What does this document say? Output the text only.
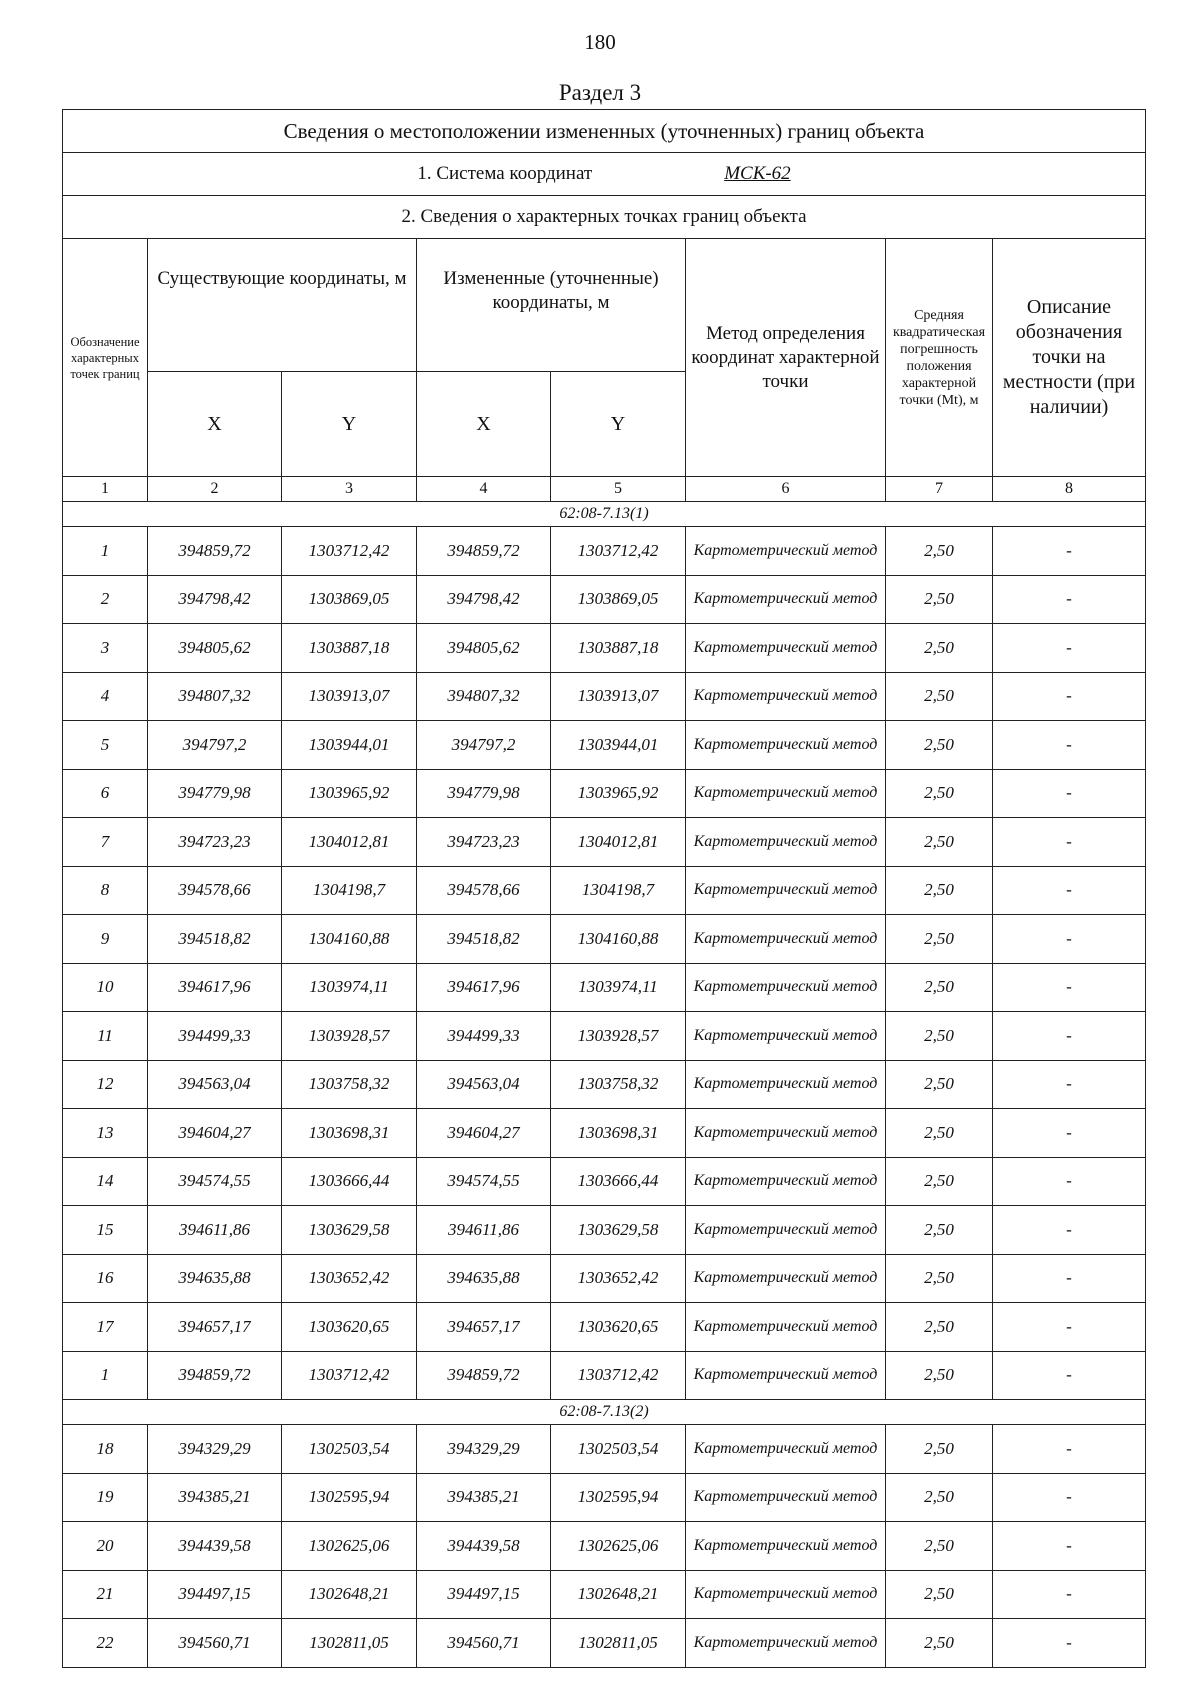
180
Раздел 3
Сведения о местоположении измененных (уточненных) границ объекта							
1. Система координат МСК-62							
2. Сведения о характерных точках границ объекта							
Обозначение характерных точек границ	Существующие координаты, м		Измененные (уточненные) координаты, м		Метод определения координат характерной точки	Средняя квадратическая погрешность положения характерной точки (Mt), м	Описание обозначения точки на местности (при наличии)
	X	Y	X	Y			
1	2	3	4	5	6	7	8
62:08-7.13(1)							
1	394859,72	1303712,42	394859,72	1303712,42	Картометрический метод	2,50	-
2	394798,42	1303869,05	394798,42	1303869,05	Картометрический метод	2,50	-
3	394805,62	1303887,18	394805,62	1303887,18	Картометрический метод	2,50	-
4	394807,32	1303913,07	394807,32	1303913,07	Картометрический метод	2,50	-
5	394797,2	1303944,01	394797,2	1303944,01	Картометрический метод	2,50	-
6	394779,98	1303965,92	394779,98	1303965,92	Картометрический метод	2,50	-
7	394723,23	1304012,81	394723,23	1304012,81	Картометрический метод	2,50	-
8	394578,66	1304198,7	394578,66	1304198,7	Картометрический метод	2,50	-
9	394518,82	1304160,88	394518,82	1304160,88	Картометрический метод	2,50	-
10	394617,96	1303974,11	394617,96	1303974,11	Картометрический метод	2,50	-
11	394499,33	1303928,57	394499,33	1303928,57	Картометрический метод	2,50	-
12	394563,04	1303758,32	394563,04	1303758,32	Картометрический метод	2,50	-
13	394604,27	1303698,31	394604,27	1303698,31	Картометрический метод	2,50	-
14	394574,55	1303666,44	394574,55	1303666,44	Картометрический метод	2,50	-
15	394611,86	1303629,58	394611,86	1303629,58	Картометрический метод	2,50	-
16	394635,88	1303652,42	394635,88	1303652,42	Картометрический метод	2,50	-
17	394657,17	1303620,65	394657,17	1303620,65	Картометрический метод	2,50	-
1	394859,72	1303712,42	394859,72	1303712,42	Картометрический метод	2,50	-
62:08-7.13(2)							
18	394329,29	1302503,54	394329,29	1302503,54	Картометрический метод	2,50	-
19	394385,21	1302595,94	394385,21	1302595,94	Картометрический метод	2,50	-
20	394439,58	1302625,06	394439,58	1302625,06	Картометрический метод	2,50	-
21	394497,15	1302648,21	394497,15	1302648,21	Картометрический метод	2,50	-
22	394560,71	1302811,05	394560,71	1302811,05	Картометрический метод	2,50	-
